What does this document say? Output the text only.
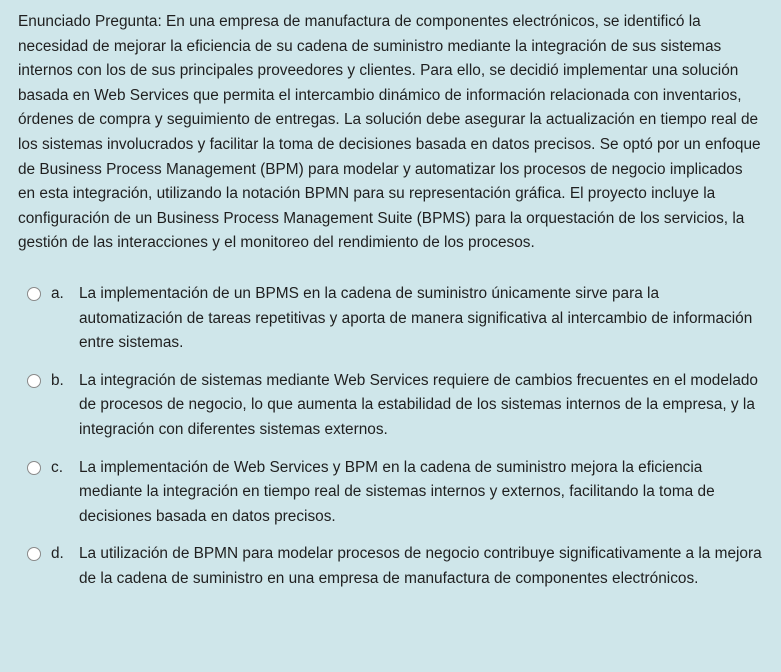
Enunciado Pregunta: En una empresa de manufactura de componentes electrónicos, se identificó la necesidad de mejorar la eficiencia de su cadena de suministro mediante la integración de sus sistemas internos con los de sus principales proveedores y clientes. Para ello, se decidió implementar una solución basada en Web Services que permita el intercambio dinámico de información relacionada con inventarios, órdenes de compra y seguimiento de entregas. La solución debe asegurar la actualización en tiempo real de los sistemas involucrados y facilitar la toma de decisiones basada en datos precisos. Se optó por un enfoque de Business Process Management (BPM) para modelar y automatizar los procesos de negocio implicados en esta integración, utilizando la notación BPMN para su representación gráfica. El proyecto incluye la configuración de un Business Process Management Suite (BPMS) para la orquestación de los servicios, la gestión de las interacciones y el monitoreo del rendimiento de los procesos.

a. La implementación de un BPMS en la cadena de suministro únicamente sirve para la automatización de tareas repetitivas y aporta de manera significativa al intercambio de información entre sistemas.
b. La integración de sistemas mediante Web Services requiere de cambios frecuentes en el modelado de procesos de negocio, lo que aumenta la estabilidad de los sistemas internos de la empresa, y la integración con diferentes sistemas externos.
c.	La implementación de Web Services y BPM en la cadena de suministro mejora la eficiencia mediante la integración en tiempo real de sistemas internos y externos, facilitando la toma de decisiones basada en datos precisos.
d. La utilización de BPMN para modelar procesos de negocio contribuye significativamente a la mejora de la cadena de suministro en una empresa de manufactura de componentes electrónicos.
